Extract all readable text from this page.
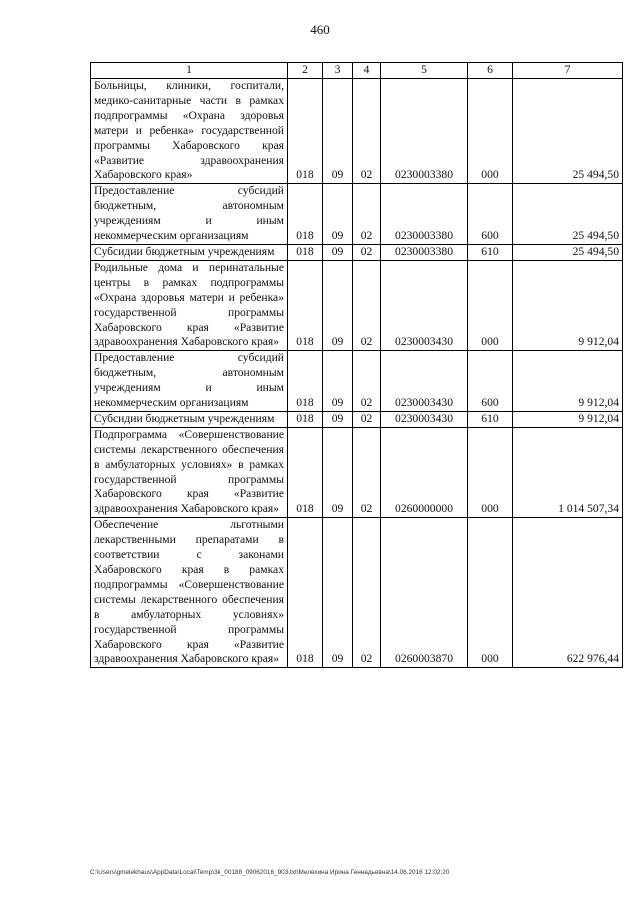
460
1	2	3	4	5	6	7
Больницы, клиники, госпитали, медико-санитарные части в рамках подпрограммы «Охрана здоровья матери и ребенка» государственной программы Хабаровского края «Развитие здравоохранения Хабаровского края»	018	09	02	0230003380	000	25 494,50
Предоставление субсидий бюджетным, автономным учреждениям и иным некоммерческим организациям	018	09	02	0230003380	600	25 494,50
Субсидии бюджетным учреждениям	018	09	02	0230003380	610	25 494,50
Родильные дома и перинатальные центры в рамках подпрограммы «Охрана здоровья матери и ребенка» государственной программы Хабаровского края «Развитие здравоохранения Хабаровского края»	018	09	02	0230003430	000	9 912,04
Предоставление субсидий бюджетным, автономным учреждениям и иным некоммерческим организациям	018	09	02	0230003430	600	9 912,04
Субсидии бюджетным учреждениям	018	09	02	0230003430	610	9 912,04
Подпрограмма «Совершенствование системы лекарственного обеспечения в амбулаторных условиях» в рамках государственной программы Хабаровского края «Развитие здравоохранения Хабаровского края»	018	09	02	0260000000	000	1 014 507,34
Обеспечение льготными лекарственными препаратами в соответствии с законами Хабаровского края в рамках подпрограммы «Совершенствование системы лекарственного обеспечения в амбулаторных условиях» государственной программы Хабаровского края «Развитие здравоохранения Хабаровского края»	018	09	02	0260003870	000	622 976,44
C:\Users\gmelekhaus\AppData\Local\Temp\3k_00188_09062016_903.txt\Мелехина Ирина Геннадьевна\14.06.2016 12:02:20
